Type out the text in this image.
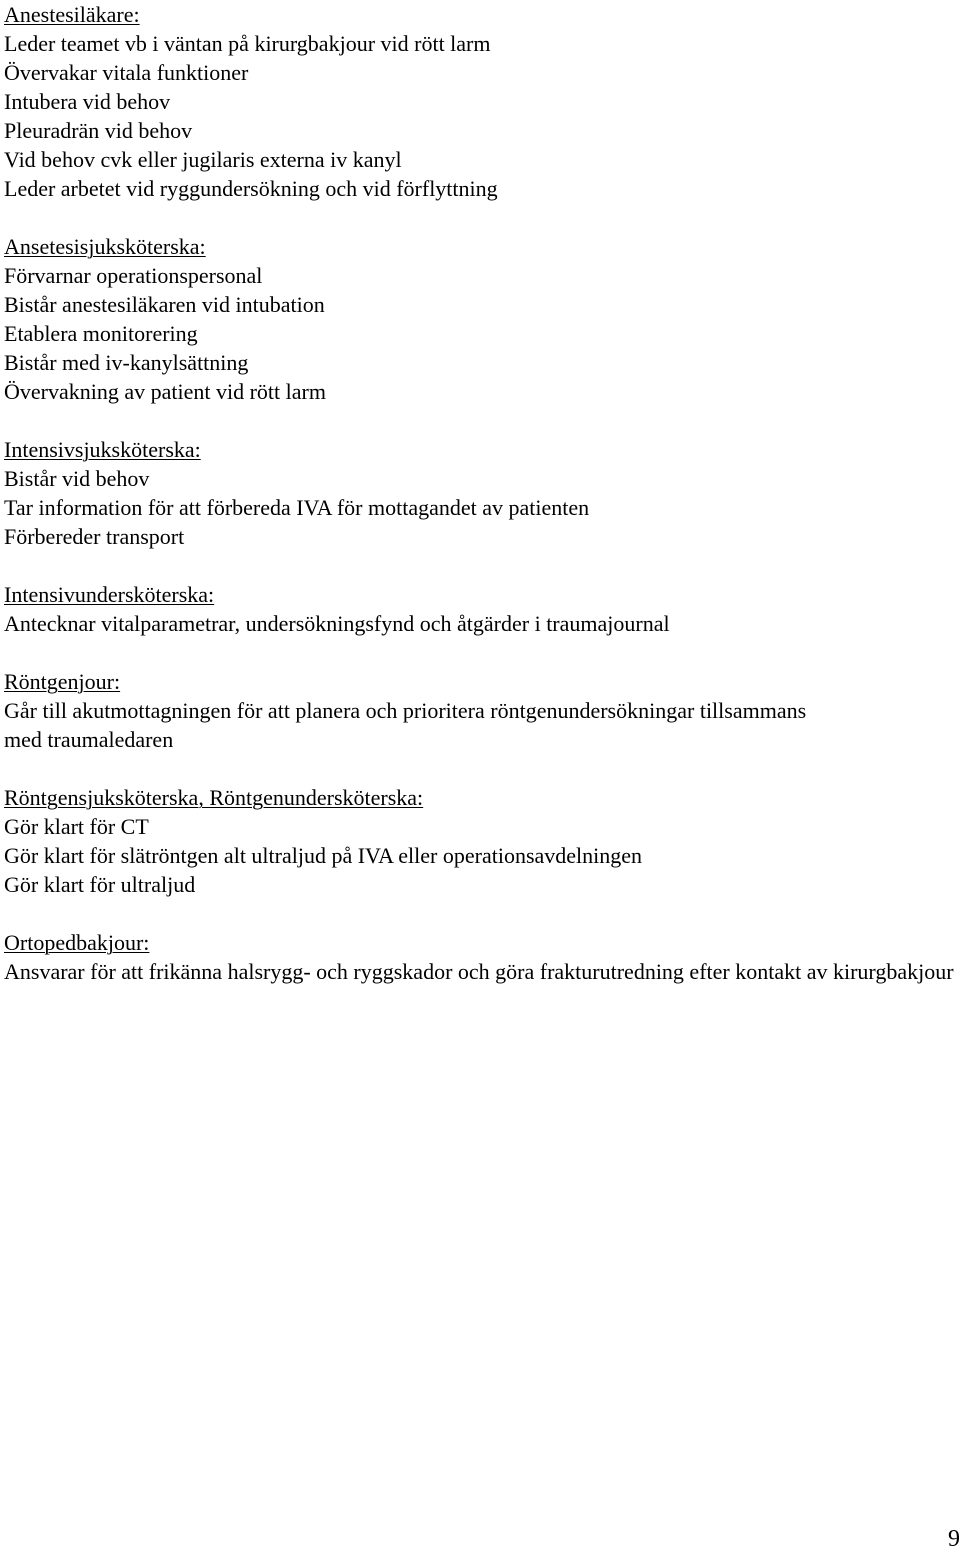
Anestesiläkare:
Leder teamet vb i väntan på kirurgbakjour vid rött larm
Övervakar vitala funktioner
Intubera vid behov
Pleuradrän vid behov
Vid behov cvk eller jugilaris externa iv kanyl
Leder arbetet vid ryggundersökning och vid förflyttning
Ansetesisjuksköterska:
Förvarnar operationspersonal
Bistår anestesiläkaren vid intubation
Etablera monitorering
Bistår med iv-kanylsättning
Övervakning av patient vid rött larm
Intensivsjuksköterska:
Bistår vid behov
Tar information för att förbereda IVA för mottagandet av patienten
Förbereder transport
Intensivundersköterska:
Antecknar vitalparametrar, undersökningsfynd och åtgärder i traumajournal
Röntgenjour:
Går till akutmottagningen för att planera och prioritera röntgenundersökningar tillsammans med traumaledaren
Röntgensjuksköterska, Röntgenundersköterska:
Gör klart för CT
Gör klart för slätröntgen alt ultraljud på IVA eller operationsavdelningen
Gör klart för ultraljud
Ortopedbakjour:
Ansvarar för att frikänna halsrygg- och ryggskador och göra frakturutredning efter kontakt av kirurgbakjour
9
